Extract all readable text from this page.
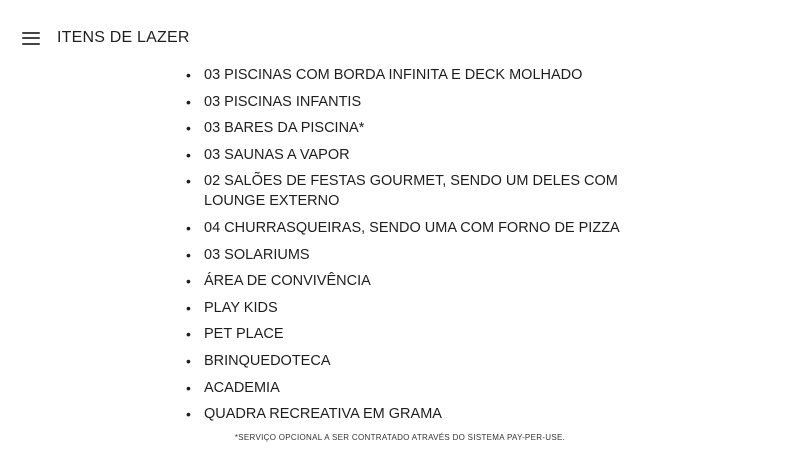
ITENS DE LAZER
• 03 PISCINAS COM BORDA INFINITA E DECK MOLHADO
• 03 PISCINAS INFANTIS
• 03 BARES DA PISCINA*
• 03 SAUNAS A VAPOR
• 02 SALÕES DE FESTAS GOURMET, SENDO UM DELES COM LOUNGE EXTERNO
• 04 CHURRASQUEIRAS, SENDO UMA COM FORNO DE PIZZA
• 03 SOLARIUMS
• ÁREA DE CONVIVÊNCIA
• PLAY KIDS
• PET PLACE
• BRINQUEDOTECA
• ACADEMIA
• QUADRA RECREATIVA EM GRAMA
*SERVIÇO OPCIONAL A SER CONTRATADO ATRAVÉS DO SISTEMA PAY-PER-USE.
